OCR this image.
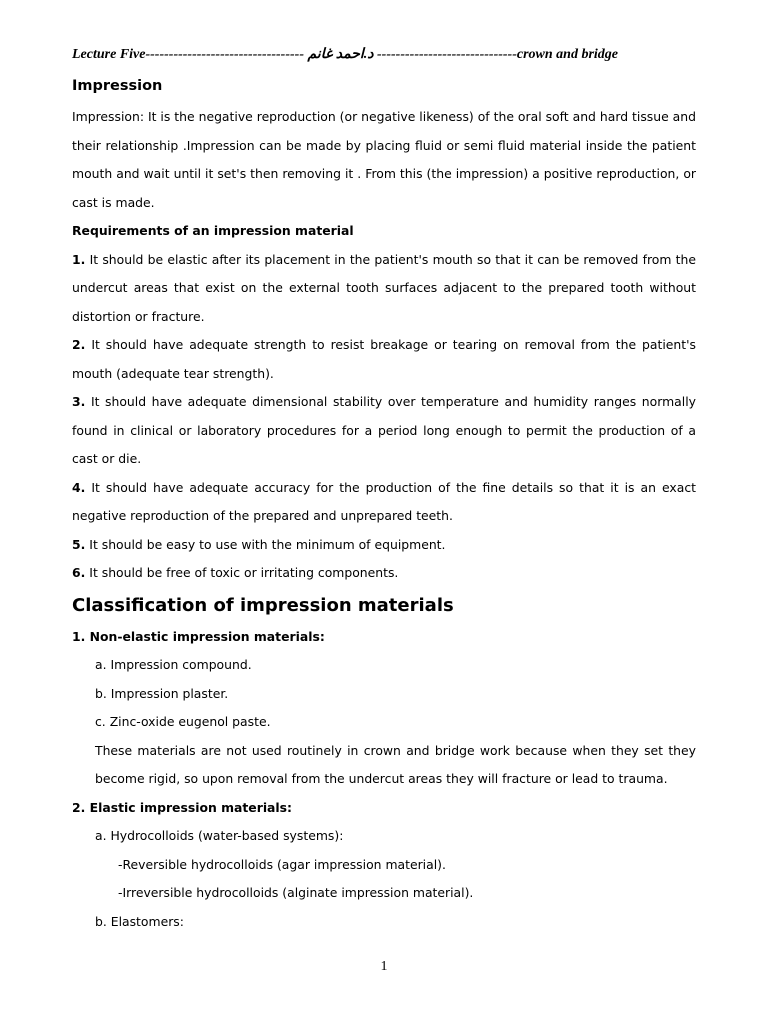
Lecture Five---------------------------------- د.احمد غانم ------------------------------crown and bridge
Impression

Impression: It is the negative reproduction (or negative likeness) of the oral soft and hard tissue and their relationship .Impression can be made by placing fluid or semi fluid material inside the patient mouth and wait until it set's then removing it . From this (the impression) a positive reproduction, or cast is made.

Requirements of an impression material

1. It should be elastic after its placement in the patient's mouth so that it can be removed from the undercut areas that exist on the external tooth surfaces adjacent to the prepared tooth without distortion or fracture.

2. It should have adequate strength to resist breakage or tearing on removal from the patient's mouth (adequate tear strength).

3. It should have adequate dimensional stability over temperature and humidity ranges normally found in clinical or laboratory procedures for a period long enough to permit the production of a cast or die.

4. It should have adequate accuracy for the production of the fine details so that it is an exact negative reproduction of the prepared and unprepared teeth.

5. It should be easy to use with the minimum of equipment.

6. It should be free of toxic or irritating components.

Classification of impression materials

1. Non-elastic impression materials:

a. Impression compound.

b. Impression plaster.

c. Zinc-oxide eugenol paste.

These materials are not used routinely in crown and bridge work because when they set they become rigid, so upon removal from the undercut areas they will fracture or lead to trauma.

2. Elastic impression materials:

a. Hydrocolloids (water-based systems):

-Reversible hydrocolloids (agar impression material).

-Irreversible hydrocolloids (alginate impression material).

b. Elastomers:

1
